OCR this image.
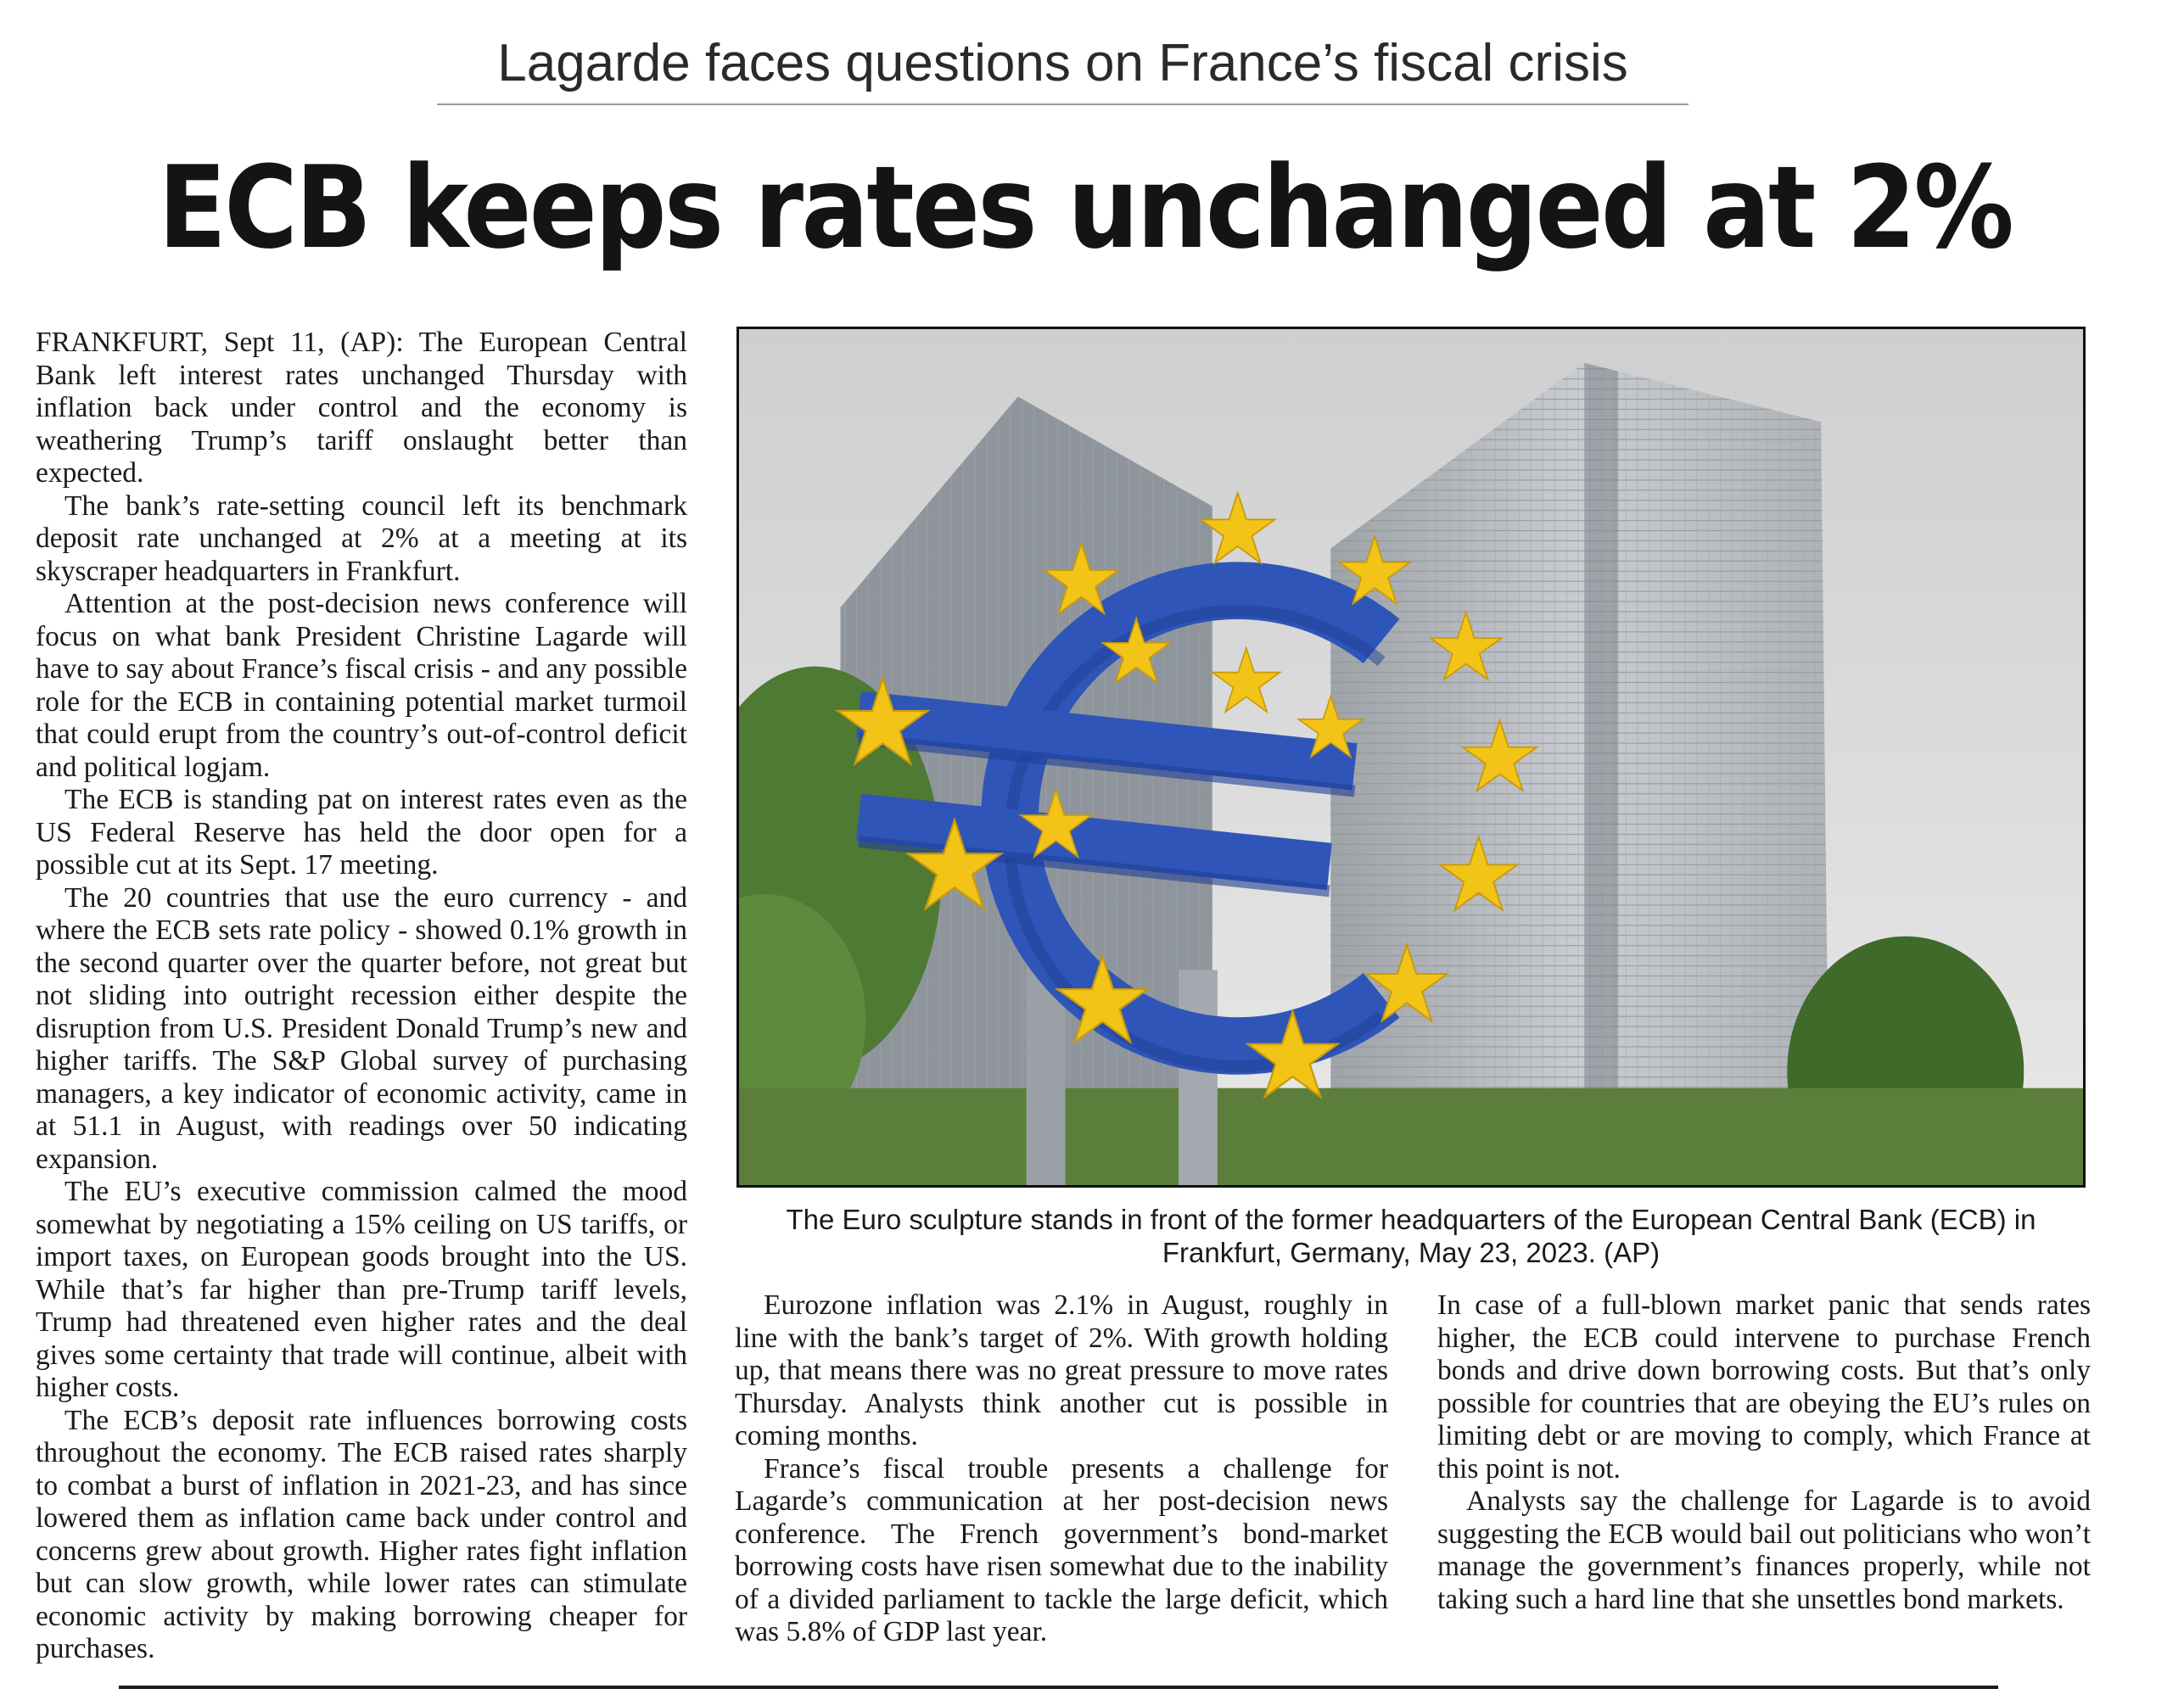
Lagarde faces questions on France’s fiscal crisis
ECB keeps rates unchanged at 2%

FRANKFURT, Sept 11, (AP): The European Central Bank left interest rates unchanged Thursday with inflation back under control and the economy is weathering Trump’s tariff onslaught better than expected.

The bank’s rate-setting council left its benchmark deposit rate unchanged at 2% at a meeting at its skyscraper headquarters in Frankfurt.

Attention at the post-decision news conference will focus on what bank President Christine Lagarde will have to say about France’s fiscal crisis - and any possible role for the ECB in containing potential market turmoil that could erupt from the country’s out-of-control deficit and political logjam.

The ECB is standing pat on interest rates even as the US Federal Reserve has held the door open for a possible cut at its Sept. 17 meeting.

The 20 countries that use the euro currency - and where the ECB sets rate policy - showed 0.1% growth in the second quarter over the quarter before, not great but not sliding into outright recession either despite the disruption from U.S. President Donald Trump’s new and higher tariffs. The S&P Global survey of purchasing managers, a key indicator of economic activity, came in at 51.1 in August, with readings over 50 indicating expansion.

The EU’s executive commission calmed the mood somewhat by negotiating a 15% ceiling on US tariffs, or import taxes, on European goods brought into the US. While that’s far higher than pre-Trump tariff levels, Trump had threatened even higher rates and the deal gives some certainty that trade will continue, albeit with higher costs.

The ECB’s deposit rate influences borrowing costs throughout the economy. The ECB raised rates sharply to combat a burst of inflation in 2021-23, and has since lowered them as inflation came back under control and concerns grew about growth. Higher rates fight inflation but can slow growth, while lower rates can stimulate economic activity by making borrowing cheaper for purchases.

The Euro sculpture stands in front of the former headquarters of the European Central Bank (ECB) in
Frankfurt, Germany, May 23, 2023. (AP)

Eurozone inflation was 2.1% in August, roughly in line with the bank’s target of 2%. With growth holding up, that means there was no great pressure to move rates Thursday. Analysts think another cut is possible in coming months.

France’s fiscal trouble presents a challenge for Lagarde’s communication at her post-decision news conference. The French government’s bond-market borrowing costs have risen somewhat due to the inability of a divided parliament to tackle the large deficit, which was 5.8% of GDP last year.

In case of a full-blown market panic that sends rates higher, the ECB could intervene to purchase French bonds and drive down borrowing costs. But that’s only possible for countries that are obeying the EU’s rules on limiting debt or are moving to comply, which France at this point is not.

Analysts say the challenge for Lagarde is to avoid suggesting the ECB would bail out politicians who won’t manage the government’s finances properly, while not taking such a hard line that she unsettles bond markets.
